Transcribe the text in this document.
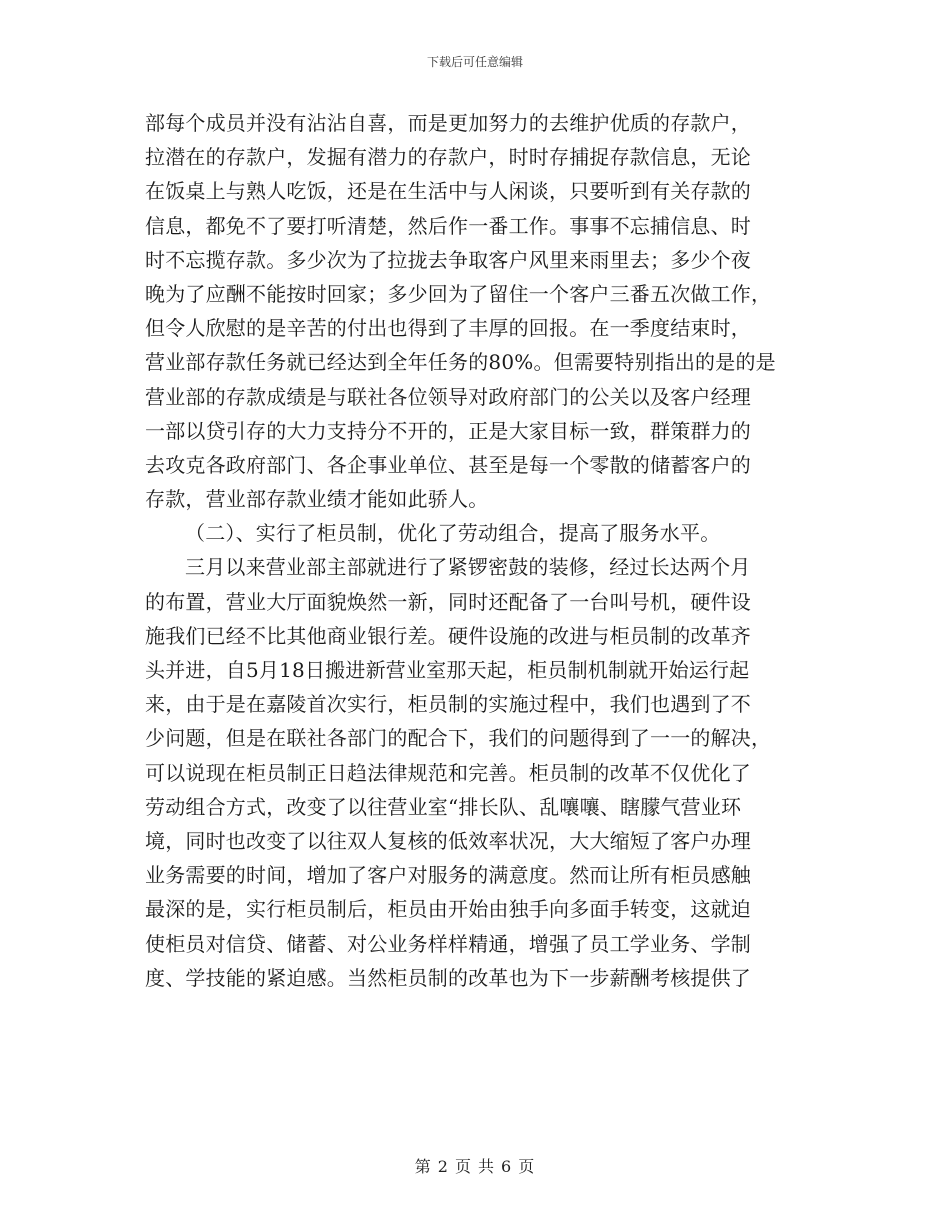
下载后可任意编辑
部每个成员并没有沾沾自喜，而是更加努力的去维护优质的存款户，
拉潜在的存款户，发掘有潜力的存款户，时时存捕捉存款信息，无论
在饭桌上与熟人吃饭，还是在生活中与人闲谈，只要听到有关存款的
信息，都免不了要打听清楚，然后作一番工作。事事不忘捕信息、时
时不忘揽存款。多少次为了拉拢去争取客户风里来雨里去；多少个夜
晚为了应酬不能按时回家；多少回为了留住一个客户三番五次做工作，
但令人欣慰的是辛苦的付出也得到了丰厚的回报。在一季度结束时，
营业部存款任务就已经达到全年任务的80%。但需要特别指出的是的是
营业部的存款成绩是与联社各位领导对政府部门的公关以及客户经理
一部以贷引存的大力支持分不开的，正是大家目标一致，群策群力的
去攻克各政府部门、各企事业单位、甚至是每一个零散的储蓄客户的
存款，营业部存款业绩才能如此骄人。
（二）、实行了柜员制，优化了劳动组合，提高了服务水平。
三月以来营业部主部就进行了紧锣密鼓的装修，经过长达两个月
的布置，营业大厅面貌焕然一新，同时还配备了一台叫号机，硬件设
施我们已经不比其他商业银行差。硬件设施的改进与柜员制的改革齐
头并进，自5月18日搬进新营业室那天起，柜员制机制就开始运行起
来，由于是在嘉陵首次实行，柜员制的实施过程中，我们也遇到了不
少问题，但是在联社各部门的配合下，我们的问题得到了一一的解决，
可以说现在柜员制正日趋法律规范和完善。柜员制的改革不仅优化了
劳动组合方式，改变了以往营业室“排长队、乱嚷嚷、瞎朦气营业环
境，同时也改变了以往双人复核的低效率状况，大大缩短了客户办理
业务需要的时间，增加了客户对服务的满意度。然而让所有柜员感触
最深的是，实行柜员制后，柜员由开始由独手向多面手转变，这就迫
使柜员对信贷、储蓄、对公业务样样精通，增强了员工学业务、学制
度、学技能的紧迫感。当然柜员制的改革也为下一步薪酬考核提供了
第 2 页 共 6 页
